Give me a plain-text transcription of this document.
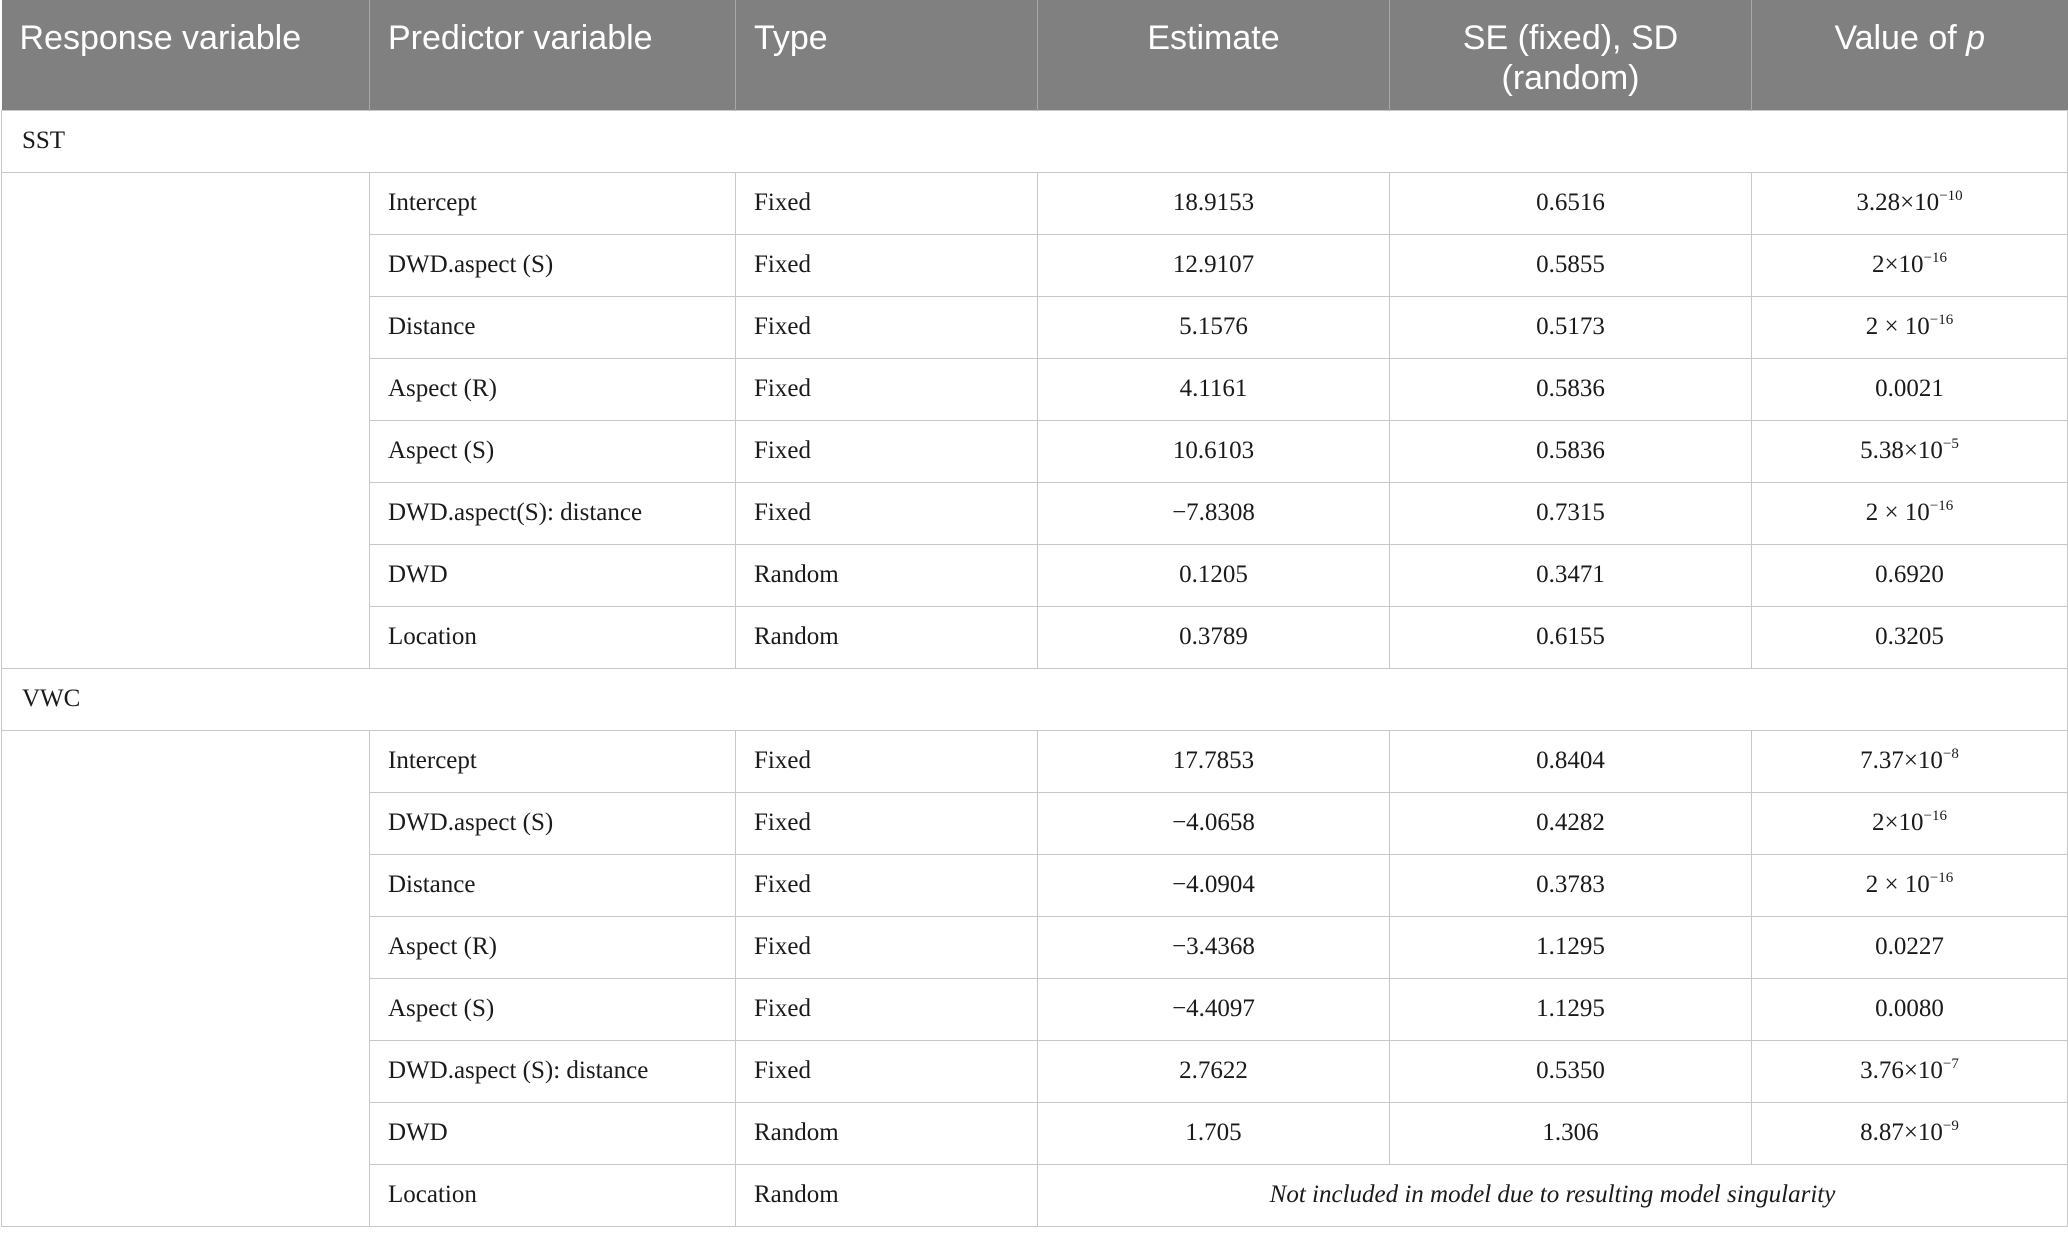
Response variable	Predictor variable	Type	Estimate	SE (fixed), SD (random)	Value of p
SST					
	Intercept	Fixed	18.9153	0.6516	$3.28\times 10^{-10}$
	DWD.aspect (S)	Fixed	12.9107	0.5855	$2\times 10^{-16}$
	Distance	Fixed	5.1576	0.5173	$2 \times 10^{-16}$
	Aspect (R)	Fixed	4.1161	0.5836	0.0021
	Aspect (S)	Fixed	10.6103	0.5836	$5.38\times 10^{-5}$
	DWD.aspect(S): distance	Fixed	−7.8308	0.7315	$2 \times 10^{-16}$
	DWD	Random	0.1205	0.3471	0.6920
	Location	Random	0.3789	0.6155	0.3205
VWC					
	Intercept	Fixed	17.7853	0.8404	$7.37\times 10^{-8}$
	DWD.aspect (S)	Fixed	−4.0658	0.4282	$2\times 10^{-16}$
	Distance	Fixed	−4.0904	0.3783	$2 \times 10^{-16}$
	Aspect (R)	Fixed	−3.4368	1.1295	0.0227
	Aspect (S)	Fixed	−4.4097	1.1295	0.0080
	DWD.aspect (S): distance	Fixed	2.7622	0.5350	$3.76\times 10^{-7}$
	DWD	Random	1.705	1.306	$8.87\times 10^{-9}$
	Location	Random	Not included in model due to resulting model singularity		
